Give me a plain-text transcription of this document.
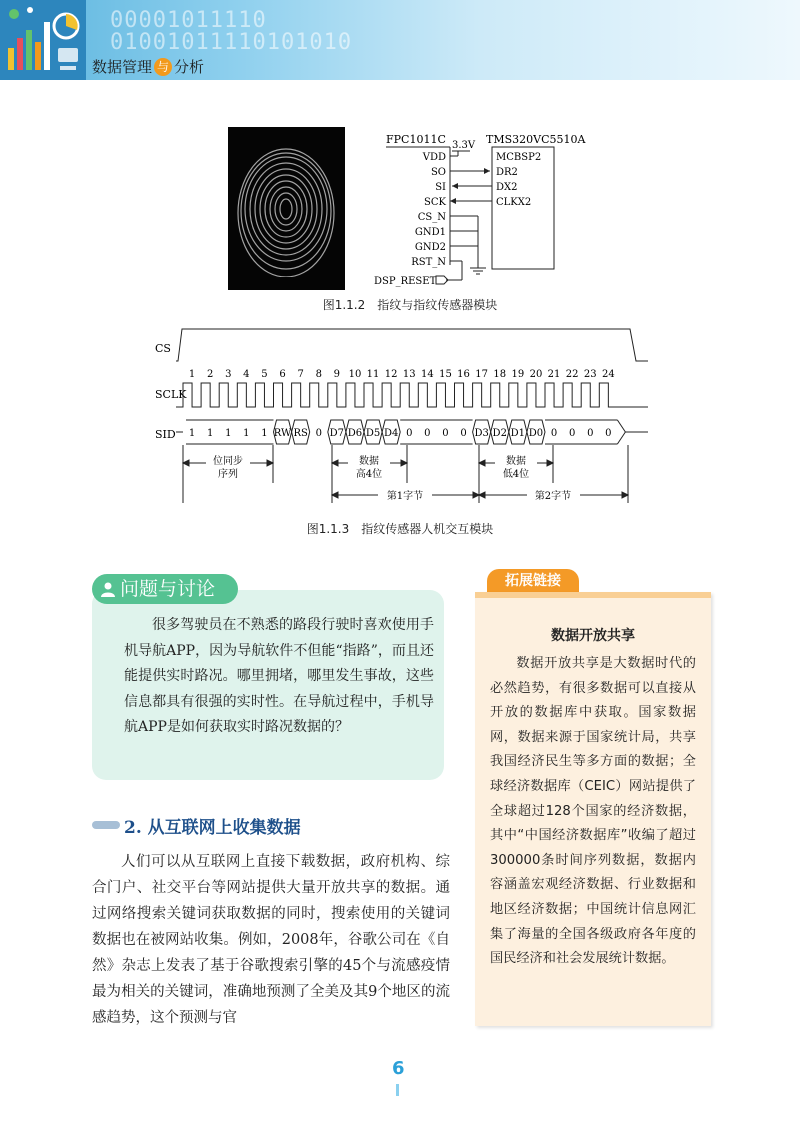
00001011110
01001011110101010
数据管理 与 分析
FPC1011C	TMS320VC5510A
3.3V
VDD
SO
SI
SCK
CS_N
GND1
GND2
RST_N
MCBSP2
DR2
DX2
CLKX2
DSP_RESET
图1.1.2　指纹与指纹传感器模块
CS
SCLK
SID
1 2 3 4 5 6 7 8 9 10 11 12 13 14 15 16 17 18 19 20 21 22 23 24
1 1 1 1 1 RW RS 0 D7 D6 D5 D4 0 0 0 0 D3 D2 D1 D0 0 0 0 0
位同步
序列
数据
高4位
数据
低4位
第1字节	第2字节
图1.1.3　指纹传感器人机交互模块
问题与讨论
很多驾驶员在不熟悉的路段行驶时喜欢使用手机导航APP，因为导航软件不但能“指路”，而且还能提供实时路况。哪里拥堵，哪里发生事故，这些信息都具有很强的实时性。在导航过程中，手机导航APP是如何获取实时路况数据的？
2. 从互联网上收集数据
人们可以从互联网上直接下载数据，政府机构、综合门户、社交平台等网站提供大量开放共享的数据。通过网络搜索关键词获取数据的同时，搜索使用的关键词数据也在被网站收集。例如，2008年，谷歌公司在《自然》杂志上发表了基于谷歌搜索引擎的45个与流感疫情最为相关的关键词，准确地预测了全美及其9个地区的流感趋势，这个预测与官
拓展链接
数据开放共享
数据开放共享是大数据时代的必然趋势，有很多数据可以直接从开放的数据库中获取。国家数据网，数据来源于国家统计局，共享我国经济民生等多方面的数据；全球经济数据库（CEIC）网站提供了全球超过128个国家的经济数据，其中“中国经济数据库”收编了超过300000条时间序列数据，数据内容涵盖宏观经济数据、行业数据和地区经济数据；中国统计信息网汇集了海量的全国各级政府各年度的国民经济和社会发展统计数据。
6
